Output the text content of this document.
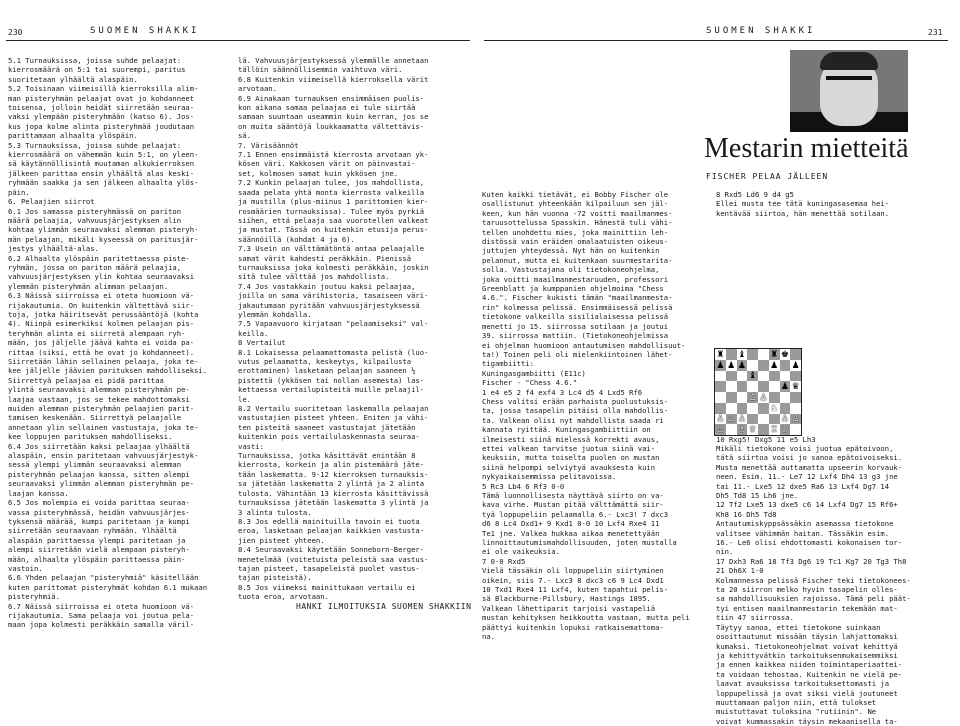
230	SUOMEN SHAKKI	SUOMEN SHAKKI	231
5.1 Turnauksissa, joissa suhde pelaajat:
kierrosmäärä on 5:1 tai suurempi, paritus
suoritetaan ylhäältä alaspäin.
5.2 Toisinaan viimeisillä kierroksilla alim-
man pisteryhmän pelaajat ovat jo kohdanneet
toisensa, jolloin heidät siirretään seuraa-
vaksi ylempään pisteryhmään (katso 6). Jos-
kus jopa kolme alinta pisteryhmää joudutaan
parittamaan alhaalta ylöspäin.
5.3 Turnauksissa, joissa suhde pelaajat:
kierrosmäärä on vähemmän kuin 5:1, on yleen-
sä käytännöllisintä muutaman alkukierroksen
jälkeen parittaa ensin ylhäältä alas keski-
ryhmään saakka ja sen jälkeen alhaalta ylös-
päin.
6. Pelaajien siirrot
6.1 Jos samassa pisteryhmässä on pariton
määrä pelaajia, vahvuusjärjestyksen alin
kohtaa ylimmän seuraavaksi alemman pisteryh-
män pelaajan, mikäli kyseessä on paritusjär-
jestys ylhäältä-alas.
6.2 Alhaalta ylöspäin paritettaessa piste-
ryhmän, jossa on pariton määrä pelaajia,
vahvuusjärjestyksen ylin kohtaa seuraavaksi
ylemmän pisteryhmän alimman pelaajan.
6.3 Näissä siirroissa ei oteta huomioon vä-
rijakautumia. On kuitenkin vältettävä siir-
toja, jotka häiritsevät perussääntöjä (kohta
4). Niinpä esimerkiksi kolmen pelaajan pis-
teryhmän alinta ei siirretä alempaan ryh-
mään, jos jäljelle jäävä kahta ei voida pa-
rittaa (siksi, että he ovat jo kohdanneet).
Siirretään lähin sellainen pelaaja, joka te-
kee jäljelle jäävien parituksen mahdolliseksi.
Siirrettyä pelaajaa ei pidä parittaa
ylintä seuraavaksi alemman pisteryhmän pe-
laajaa vastaan, jos se tekee mahdottomaksi
muiden alemman pisteryhmän pelaajien parit-
tamisen keskenään. Siirrettyä pelaajalle
annetaan ylin sellainen vastustaja, joka te-
kee loppujen parituksen mahdolliseksi.
6.4 Jos siirretään kaksi pelaajaa ylhäältä
alaspäin, ensin paritetaan vahvuusjärjestyk-
sessä ylempi ylimmän seuraavaksi alemman
pisteryhmän pelaajan kanssa, sitten alempi
seuraavaksi ylimmän alemman pisteryhmän pe-
laajan kanssa.
6.5 Jos molempia ei voida parittaa seuraa-
vassa pisteryhmässä, heidän vahvuusjärjes-
tyksensä määrää, kumpi paritetaan ja kumpi
siirretään seuraavaan ryhmään. Ylhäältä
alaspäin parittaessa ylempi paritetaan ja
alempi siirretään vielä alempaan pisteryh-
mään, alhaalta ylöspäin parittaessa päin-
vastoin.
6.6 Yhden pelaajan "pisteryhmiä" käsitellään
kuten parittomat pisteryhmät kohdan 6.1 mukaan
pisteryhmiä.
6.7 Näissä siirroissa ei oteta huomioon vä-
rijakautumia. Sama pelaaja voi joutua pela-
maan jopa kolmesti peräkkäin samalla väril-
lä. Vahvuusjärjestyksessä ylemmälle annetaan
tällöin säännöllisemmin vaihtuva väri.
6.8 Kuitenkin viimeisellä kierroksella värit
arvotaan.
6.9 Ainakaan turnauksen ensimmäisen puolis-
kon aikana samaa pelaajaa ei tule siirtää
samaan suuntaan useammin kuin kerran, jos se
on muita sääntöjä loukkaamatta vältettävis-
sä.
7. Värisäännöt
7.1 Ennen ensimmäistä kierrosta arvotaan yk-
kösen väri. Kakkosen värit on päinvastai-
set, kolmosen samat kuin ykkösen jne.
7.2 Kunkin pelaajan tulee, jos mahdollista,
saada pelata yhtä monta kierrosta valkeilla
ja mustilla (plus-miinus 1 parittomien kier-
rosmäärien turnauksissa). Tulee myös pyrkiä
siihen, että pelaaja saa vuorotellen valkeat
ja mustat. Tässä on kuitenkin etusija perus-
säännöillä (kohdat 4 ja 6).
7.3 Usein on välttämätöntä antaa pelaajalle
samat värit kahdesti peräkkäin. Pienissä
turnauksissa joka kolmesti peräkkäin, joskin
sitä tulee välttää jos mahdollista.
7.4 Jos vastakkain joutuu kaksi pelaajaa,
joilla on sama värihistoria, tasaiseen väri-
jakautumaan pyritään vahvuusjärjestyksessä
ylemmän kohdalla.
7.5 Vapaavuoro kirjataan "pelaamiseksi" val-
keilla.
8 Vertailut
8.1 Lokaisessa pelaamattomasta pelistä (luo-
vutus pelaamatta, keskeytys, kilpailusta
erottaminen) lasketaan pelaajan saaneen ½
pistettä (ykkösen tai nollan asemesta) las-
kettaessa vertailupisteitä muille pelaajil-
le.
8.2 Vertailu suoritetaan laskemalla pelaajan
vastustajien pisteet yhteen. Eniten ja vähi-
ten pisteitä saaneet vastustajat jätetään
kuitenkin pois vertailulaskennasta seuraa-
vasti:
Turnauksissa, jotka käsittävät enintään 8
kierrosta, korkein ja alin pistemäärä jäte-
tään laskematta. 9-12 kierroksen turnauksis-
sa jätetään laskematta 2 ylintä ja 2 alinta
tulosta. Vähintään 13 kierrosta käsittävissä
turnauksissa jätetään laskematta 3 ylintä ja
3 alinta tulosta.
8.3 Jos edellä mainituilla tavoin ei tuota
eroa, lasketaan pelaajan kaikkien vastusta-
jien pisteet yhteen.
8.4 Seuraavaksi käytetään Sonneborn-Berger-
menetelmää (voitetuista peleistä saa vastus-
tajan pisteet, tasapeleistä puolet vastus-
tajan pisteistä).
8.5 Jos viimeksi mainittukaan vertailu ei
tuota eroa, arvotaan.
HANKI ILMOITUKSIA SUOMEN SHAKKIIN
Mestarin mietteitä
FISCHER PELAA JÄLLEEN
Kuten kaikki tietävät, ei Bobby Fischer ole
osallistunut yhteenkään kilpailuun sen jäl-
keen, kun hän vuonna -72 voitti maailmanmes-
taruusottelussa Spasskin. Hänestä tuli vähi-
tellen unohdettu mies, joka mainittiin leh-
distössä vain eräiden omalaatuisten oikeus-
juttujen yhteydessä. Nyt hän on kuitenkin
pelannut, mutta ei kuitenkaan suurmestarita-
solla. Vastustajana oli tietokoneohjelma,
joka voitti maailmanmestaruuden, professori
Greenblatt ja kumppanien ohjelmoima "Chess
4.6.". Fischer kukisti tämän "maailmanmesta-
rin" kolmessa pelissä. Ensimmäisessä pelissä
tietokone valkeilla sisilialaisessa pelissä
menetti jo 15. siirrossa sotilaan ja joutui
39. siirrossa mattiin. (Tietokoneohjelmissa
ei ohjelman huomioon antautumisen mahdollisuut-
ta!) Toinen peli oli mielenkiintoinen lähet-
tigambiitti:
Kuningasgambiitti (E11c)
Fischer - "Chess 4.6."
1 e4 e5 2 f4 exf4 3 Lc4 d5 4 Lxd5 Rf6
Chess valitsi erään parhaista puolustuksis-
ta, jossa tasapelin pitäisi olla mahdollis-
ta. Valkean olisi nyt mahdollista saada ri
kannata ryittää. Kuningasgambiittiin on
ilmeisesti siinä mielessä korrekti avaus,
ettei valkean tarvitse juotua siinä vai-
keuksiin, mutta toiselta puolen on mustan
siinä helpompi selviytyä avauksesta kuin
nykyaikaisemmissa pelitavoissa.
5 Rc3 Lb4 6 Rf3 0-0
Tämä luonnollisesta näyttävä siirto on va-
kava virhe. Mustan pitää välttämättä siir-
tyä loppupeliin pelaamalla 6.- Lxc3! 7 dxc3
d6 8 Lc4 Dxd1+ 9 Kxd1 0-0 10 Lxf4 Rxe4 11
Te1 jne. Valkea hukkaa aikaa menetettyään
linnoittautumismahdollisuuden, joten mustalla
ei ole vaikeuksia.
7 0-0 Rxd5
Vielä tässäkin oli loppupeliin siirtyminen
oikein, siis 7.- Lxc3 8 dxc3 c6 9 Lc4 Dxd1
10 Txd1 Rxe4 11 Lxf4, kuten tapahtui pelis-
sä Blackburne-Pillsbury, Hastings 1895.
Valkean lähettiparit tarjoisi vastapeliä
mustan kehityksen heikkoutta vastaan, mutta peli
päättyi kuitenkin lopuksi ratkaisemattoma-
na.
8 Rxd5 Ld6 9 d4 g5
Ellei musta tee tätä kuningasasemaa hei-
kentävää siirtoa, hän menettää sotilaan.

10 Rxg5! Dxg5 11 e5 Lh3
Mikäli tietokone voisi juotua epätoivoon,
tätä siirtoa voisi jo sanoa epätoivoiseksi.
Musta menettää auttamatta upseerin korvauk-
neen. Esim. 11.- Le7 12 Lxf4 Dh4 13 g3 jne
tai 11.- Lxe5 12 dxe5 Ra6 13 Lxf4 Dg7 14
Dh5 Td8 15 Lh6 jne.
12 Tf2 Lxe5 13 dxe5 c6 14 Lxf4 Dg7 15 Rf6+
Kh8 16 Dh5 Td8
Antautumiskyppsässäkin asemassa tietokone
valitsee vähimmän haitan. Tässäkin esim.
16.- Le6 olisi ehdottomasti kokonaisen tor-
nin.
17 Dxh3 Ra6 18 Tf3 Dg6 19 Tc1 Kg7 20 Tg3 Th8
21 Dh6X 1-0
Kolmannessa pelissä Fischer teki tietokonees-
ta 20 siirron melko hyvin tasapelin olles-
sa mahdollisuuksien rajoissa. Tämä peli päät-
tyi entisen maailmanmestarin tekemään mat-
tiin 47 siirrossa.
Täytyy sanoa, ettei tietokone suinkaan
osoittautunut missään täysin lahjattomaksi
kumaksi. Tietokoneohjelmat voivat kehittyä
ja kehittyvätkin tarkoituksenmukaisemmiksi
ja ennen kaikkea niiden toimintaperiaattei-
ta voidaan tehostaa. Kuitenkin ne vielä pe-
laavat avauksissa tarkoituksettomasti ja
loppupelissä ja ovat siksi vielä joutuneet
muuttamaan paljon niin, että tulokset
muistuttavat tuloksina "rutiinin". Ne
voivat kummassakin täysin mekaanisella ta-
♜ ♝	♜ ♚
♟ ♟ ♟	♟ ♟
♝
♟ ♛
♙ ♙
♘
♙ ♙ ♙	♙ ♙
♖ ♗ ♕ ♖ ♔
